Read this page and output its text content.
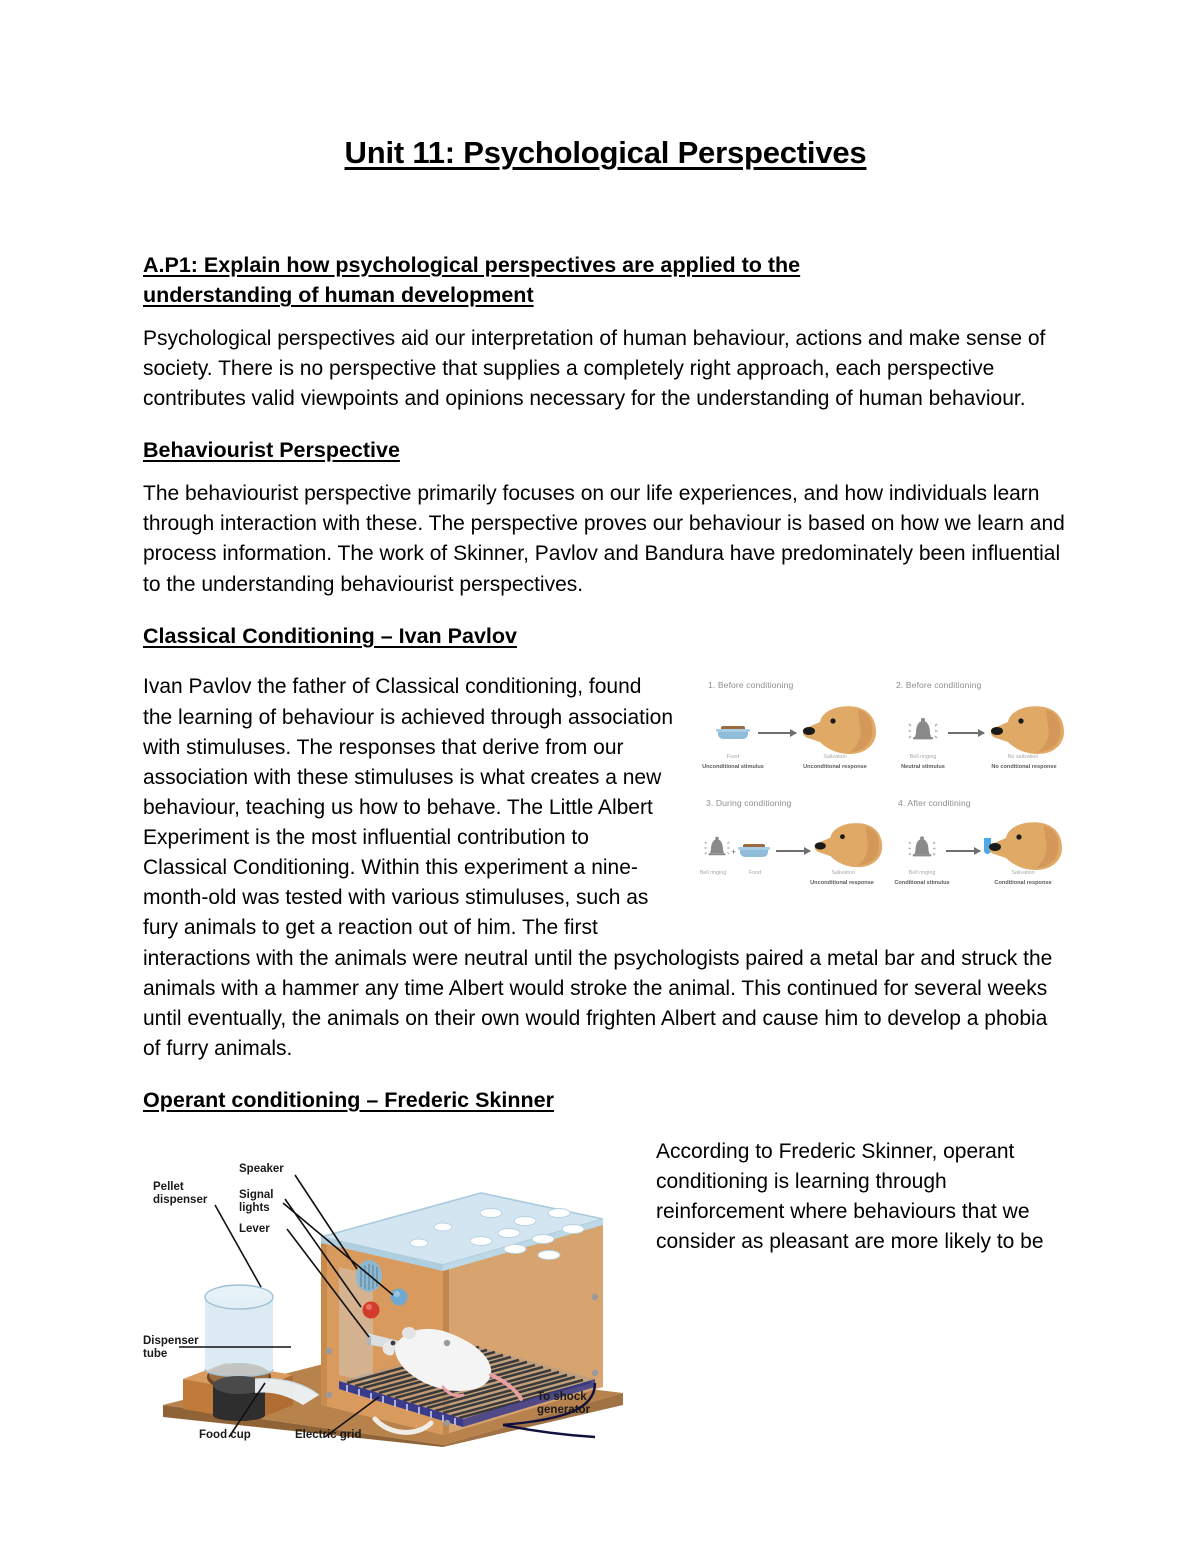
Unit 11: Psychological Perspectives
A.P1: Explain how psychological perspectives are applied to the
understanding of human development

Psychological perspectives aid our interpretation of human behaviour, actions and make sense of society. There is no perspective that supplies a completely right approach, each perspective contributes valid viewpoints and opinions necessary for the understanding of human behaviour.

Behaviourist Perspective

The behaviourist perspective primarily focuses on our life experiences, and how individuals learn through interaction with these. The perspective proves our behaviour is based on how we learn and process information. The work of Skinner, Pavlov and Bandura have predominately been influential to the understanding behaviourist perspectives.

Classical Conditioning – Ivan Pavlov
1. Before conditioning
Food
Unconditional stimulus
Salivation
Unconditional response
2. Before conditioning
Bell ringing
Neutral stimulus
No salivation
No conditional response
3. During conditioning
+
Bell ringing	Food	Salivation
Unconditional response
4. After conditining
Bell ringing
Conditional stimulus
Salivation
Conditional response

Ivan Pavlov the father of Classical conditioning, found the learning of behaviour is achieved through association with stimuluses. The responses that derive from our association with these stimuluses is what creates a new behaviour, teaching us how to behave. The Little Albert Experiment is the most influential contribution to Classical Conditioning. Within this experiment a nine-month-old was tested with various stimuluses, such as fury animals to get a reaction out of him. The first interactions with the animals were neutral until the psychologists paired a metal bar and struck the animals with a hammer any time Albert would stroke the animal. This continued for several weeks until eventually, the animals on their own would frighten Albert and cause him to develop a phobia of furry animals.

Operant conditioning – Frederic Skinner
Pellet dispenser
Speaker
Signal lights
Lever
Dispenser tube
Food cup	Electric grid
To shock generator

According to Frederic Skinner, operant conditioning is learning through reinforcement where behaviours that we consider as pleasant are more likely to be
